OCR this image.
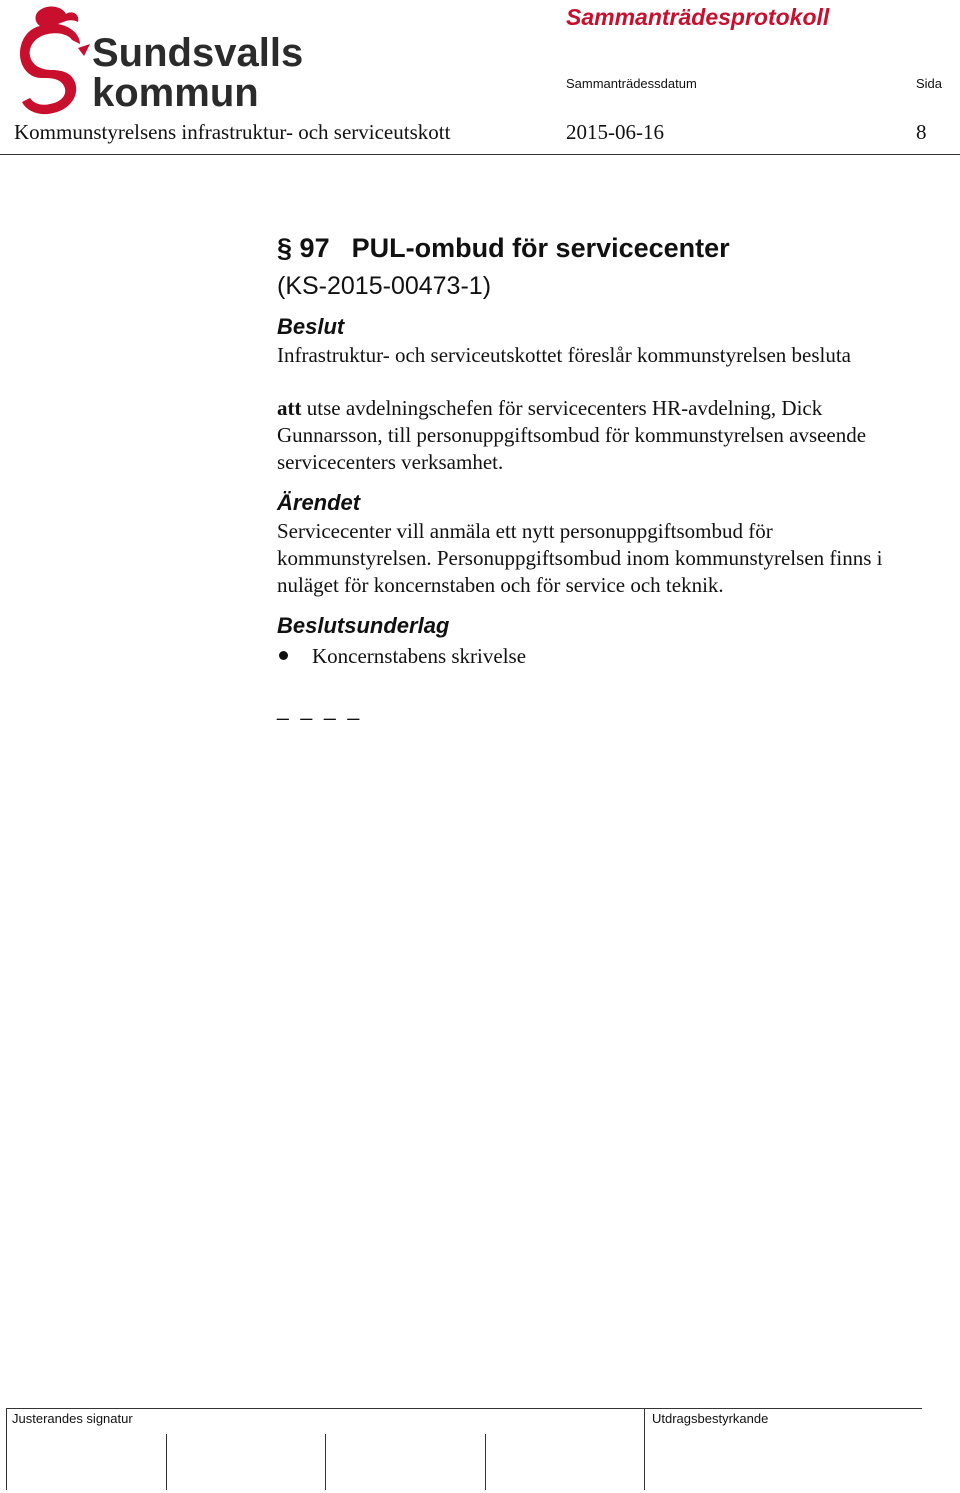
Sundsvalls
kommun
Sammanträdesprotokoll
Sammanträdessdatum	Sida
Kommunstyrelsens infrastruktur- och serviceutskott	2015-06-16	8
§ 97 PUL-ombud för servicecenter

(KS-2015-00473-1)

Beslut

Infrastruktur- och serviceutskottet föreslår kommunstyrelsen besluta

att utse avdelningschefen för servicecenters HR-avdelning, Dick Gunnarsson, till personuppgiftsombud för kommunstyrelsen avseende servicecenters verksamhet.

Ärendet

Servicecenter vill anmäla ett nytt personuppgiftsombud för kommunstyrelsen. Personuppgiftsombud inom kommunstyrelsen finns i nuläget för koncernstaben och för service och teknik.

Beslutsunderlag
Koncernstabens skrivelse
_ _ _ _
Justerandes signatur	Utdragsbestyrkande
